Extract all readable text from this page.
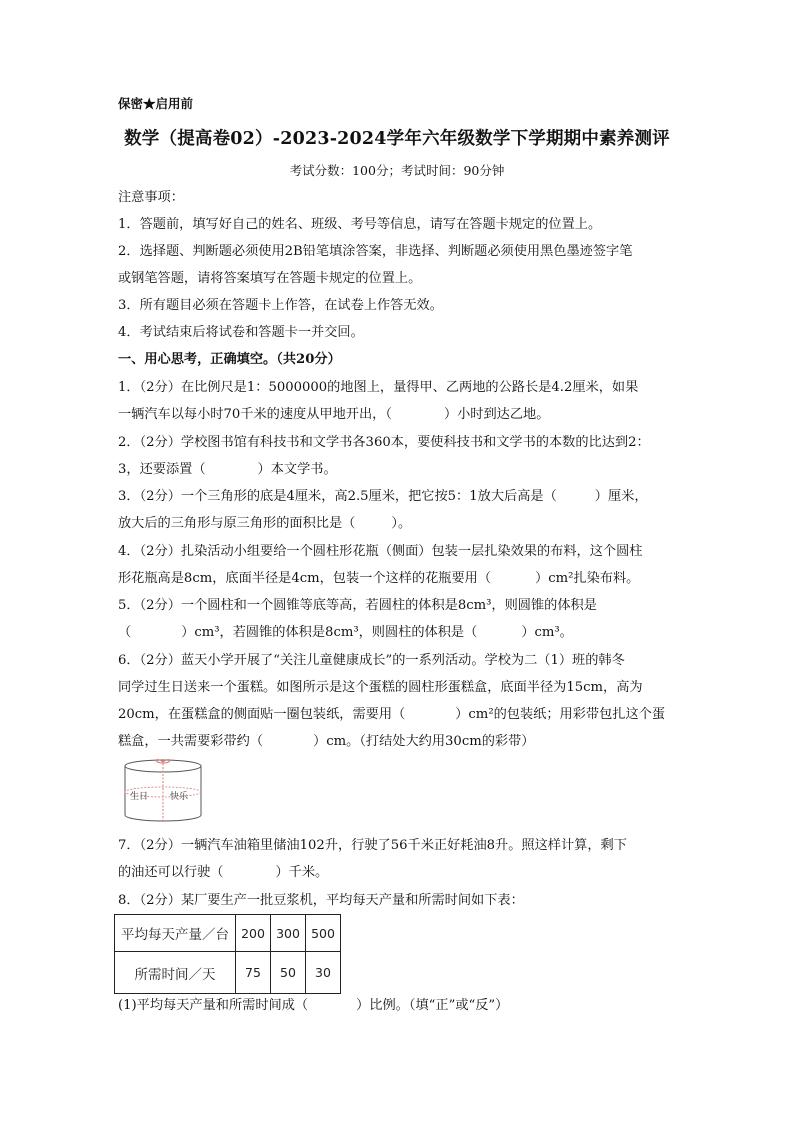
保密★启用前
数学（提高卷02）-2023-2024学年六年级数学下学期期中素养测评
考试分数：100分；考试时间：90分钟
注意事项：
1．答题前，填写好自己的姓名、班级、考号等信息，请写在答题卡规定的位置上。
2．选择题、判断题必须使用2B铅笔填涂答案，非选择、判断题必须使用黑色墨迹签字笔
或钢笔答题，请将答案填写在答题卡规定的位置上。
3．所有题目必须在答题卡上作答，在试卷上作答无效。
4．考试结束后将试卷和答题卡一并交回。
一、用心思考，正确填空。（共20分）
1．（2分）在比例尺是1：5000000的地图上，量得甲、乙两地的公路长是4.2厘米，如果
一辆汽车以每小时70千米的速度从甲地开出，（	）小时到达乙地。
2．（2分）学校图书馆有科技书和文学书各360本，要使科技书和文学书的本数的比达到2：
3，还要添置（	）本文学书。
3．（2分）一个三角形的底是4厘米，高2.5厘米，把它按5：1放大后高是（	）厘米，
放大后的三角形与原三角形的面积比是（	）。
4．（2分）扎染活动小组要给一个圆柱形花瓶（侧面）包装一层扎染效果的布料，这个圆柱
形花瓶高是8cm，底面半径是4cm，包装一个这样的花瓶要用（	）cm²扎染布料。
5．（2分）一个圆柱和一个圆锥等底等高，若圆柱的体积是8cm³，则圆锥的体积是
（	）cm³，若圆锥的体积是8cm³，则圆柱的体积是（	）cm³。
6．（2分）蓝天小学开展了“关注儿童健康成长”的一系列活动。学校为二（1）班的韩冬
同学过生日送来一个蛋糕。如图所示是这个蛋糕的圆柱形蛋糕盒，底面半径为15cm，高为
20cm，在蛋糕盒的侧面贴一圈包装纸，需要用（	）cm²的包装纸；用彩带包扎这个蛋
糕盒，一共需要彩带约（	）cm。（打结处大约用30cm的彩带）
生日 快乐
7．（2分）一辆汽车油箱里储油102升，行驶了56千米正好耗油8升。照这样计算，剩下
的油还可以行驶（	）千米。
8．（2分）某厂要生产一批豆浆机，平均每天产量和所需时间如下表：
平均每天产量／台	200	300	500
所需时间／天	75	50	30
(1)平均每天产量和所需时间成（	）比例。（填“正”或“反”）
